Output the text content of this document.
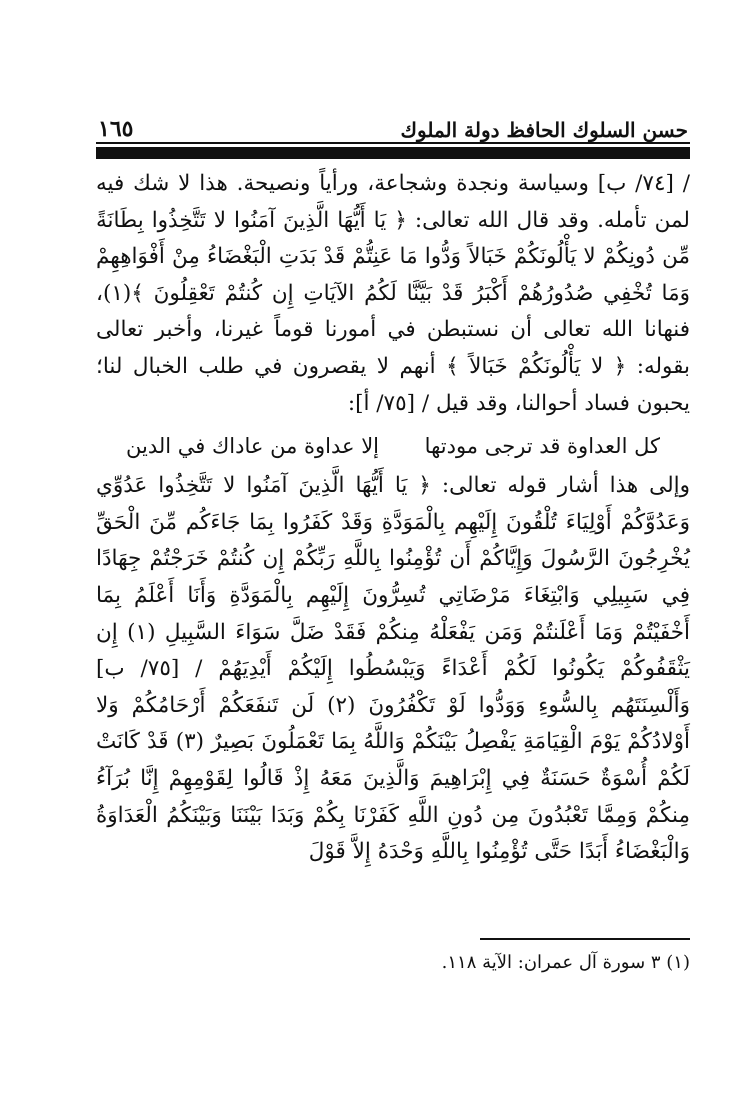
١٦٥	حسن السلوك الحافظ دولة الملوك

/ [٧٤/ ب] وسياسة ونجدة وشجاعة، ورأياً ونصيحة. هذا لا شك فيه لمن تأمله. وقد قال الله تعالى: ﴿ يَا أَيُّهَا الَّذِينَ آمَنُوا لا تَتَّخِذُوا بِطَانَةً مِّن دُونِكُمْ لا يَأْلُونَكُمْ خَبَالاً وَدُّوا مَا عَنِتُّمْ قَدْ بَدَتِ الْبَغْضَاءُ مِنْ أَفْوَاهِهِمْ وَمَا تُخْفِي صُدُورُهُمْ أَكْبَرُ قَدْ بَيَّنَّا لَكُمُ الآيَاتِ إِن كُنتُمْ تَعْقِلُونَ ﴾(١)، فنهانا الله تعالى أن نستبطن في أمورنا قوماً غيرنا، وأخبر تعالى بقوله: ﴿ لا يَأْلُونَكُمْ خَبَالاً ﴾ أنهم لا يقصرون في طلب الخبال لنا؛ يحبون فساد أحوالنا، وقد قيل / [٧٥/ أ]:

كل العداوة قد ترجى مودتها
إلا عداوة من عاداك في الدين

وإلى هذا أشار قوله تعالى: ﴿ يَا أَيُّهَا الَّذِينَ آمَنُوا لا تَتَّخِذُوا عَدُوِّي وَعَدُوَّكُمْ أَوْلِيَاءَ تُلْقُونَ إِلَيْهِم بِالْمَوَدَّةِ وَقَدْ كَفَرُوا بِمَا جَاءَكُم مِّنَ الْحَقِّ يُخْرِجُونَ الرَّسُولَ وَإِيَّاكُمْ أَن تُؤْمِنُوا بِاللَّهِ رَبِّكُمْ إِن كُنتُمْ خَرَجْتُمْ جِهَادًا فِي سَبِيلِي وَابْتِغَاءَ مَرْضَاتِي تُسِرُّونَ إِلَيْهِم بِالْمَوَدَّةِ وَأَنَا أَعْلَمُ بِمَا أَخْفَيْتُمْ وَمَا أَعْلَنتُمْ وَمَن يَفْعَلْهُ مِنكُمْ فَقَدْ ضَلَّ سَوَاءَ السَّبِيلِ (١) إِن يَثْقَفُوكُمْ يَكُونُوا لَكُمْ أَعْدَاءً وَيَبْسُطُوا إِلَيْكُمْ أَيْدِيَهُمْ / [٧٥/ ب] وَأَلْسِنَتَهُم بِالسُّوءِ وَوَدُّوا لَوْ تَكْفُرُونَ (٢) لَن تَنفَعَكُمْ أَرْحَامُكُمْ وَلا أَوْلادُكُمْ يَوْمَ الْقِيَامَةِ يَفْصِلُ بَيْنَكُمْ وَاللَّهُ بِمَا تَعْمَلُونَ بَصِيرٌ (٣) قَدْ كَانَتْ لَكُمْ أُسْوَةٌ حَسَنَةٌ فِي إِبْرَاهِيمَ وَالَّذِينَ مَعَهُ إِذْ قَالُوا لِقَوْمِهِمْ إِنَّا بُرَآءُ مِنكُمْ وَمِمَّا تَعْبُدُونَ مِن دُونِ اللَّهِ كَفَرْنَا بِكُمْ وَبَدَا بَيْنَنَا وَبَيْنَكُمُ الْعَدَاوَةُ وَالْبَغْضَاءُ أَبَدًا حَتَّى تُؤْمِنُوا بِاللَّهِ وَحْدَهُ إِلاَّ قَوْلَ

(١) ٣ سورة آل عمران: الآية ١١٨.
